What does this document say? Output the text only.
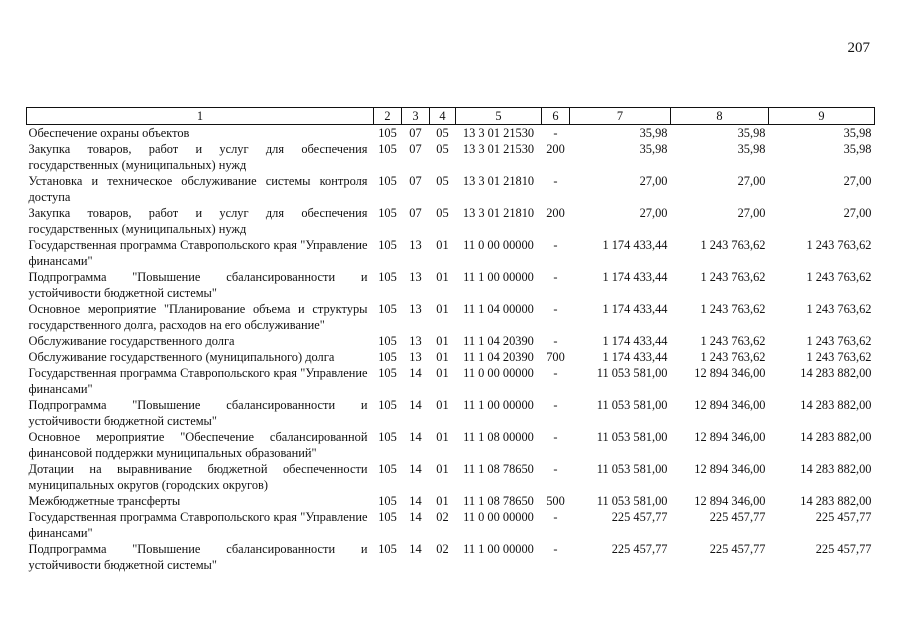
207
1	2	3	4	5	6	7	8	9
Обеспечение охраны объектов	105	07	05	13 3 01 21530	-	35,98	35,98	35,98
Закупка товаров, работ и услуг для обеспечения государственных (муниципальных) нужд	105	07	05	13 3 01 21530	200	35,98	35,98	35,98
Установка и техническое обслуживание системы контроля доступа	105	07	05	13 3 01 21810	-	27,00	27,00	27,00
Закупка товаров, работ и услуг для обеспечения государственных (муниципальных) нужд	105	07	05	13 3 01 21810	200	27,00	27,00	27,00
Государственная программа Ставропольского края "Управление финансами"	105	13	01	11 0 00 00000	-	1 174 433,44	1 243 763,62	1 243 763,62
Подпрограмма "Повышение сбалансированности и устойчивости бюджетной системы"	105	13	01	11 1 00 00000	-	1 174 433,44	1 243 763,62	1 243 763,62
Основное мероприятие "Планирование объема и структуры государственного долга, расходов на его обслуживание"	105	13	01	11 1 04 00000	-	1 174 433,44	1 243 763,62	1 243 763,62
Обслуживание государственного долга	105	13	01	11 1 04 20390	-	1 174 433,44	1 243 763,62	1 243 763,62
Обслуживание государственного (муниципального) долга	105	13	01	11 1 04 20390	700	1 174 433,44	1 243 763,62	1 243 763,62
Государственная программа Ставропольского края "Управление финансами"	105	14	01	11 0 00 00000	-	11 053 581,00	12 894 346,00	14 283 882,00
Подпрограмма "Повышение сбалансированности и устойчивости бюджетной системы"	105	14	01	11 1 00 00000	-	11 053 581,00	12 894 346,00	14 283 882,00
Основное мероприятие "Обеспечение сбалансированной финансовой поддержки муниципальных образований"	105	14	01	11 1 08 00000	-	11 053 581,00	12 894 346,00	14 283 882,00
Дотации на выравнивание бюджетной обеспеченности муниципальных округов (городских округов)	105	14	01	11 1 08 78650	-	11 053 581,00	12 894 346,00	14 283 882,00
Межбюджетные трансферты	105	14	01	11 1 08 78650	500	11 053 581,00	12 894 346,00	14 283 882,00
Государственная программа Ставропольского края "Управление финансами"	105	14	02	11 0 00 00000	-	225 457,77	225 457,77	225 457,77
Подпрограмма "Повышение сбалансированности и устойчивости бюджетной системы"	105	14	02	11 1 00 00000	-	225 457,77	225 457,77	225 457,77
